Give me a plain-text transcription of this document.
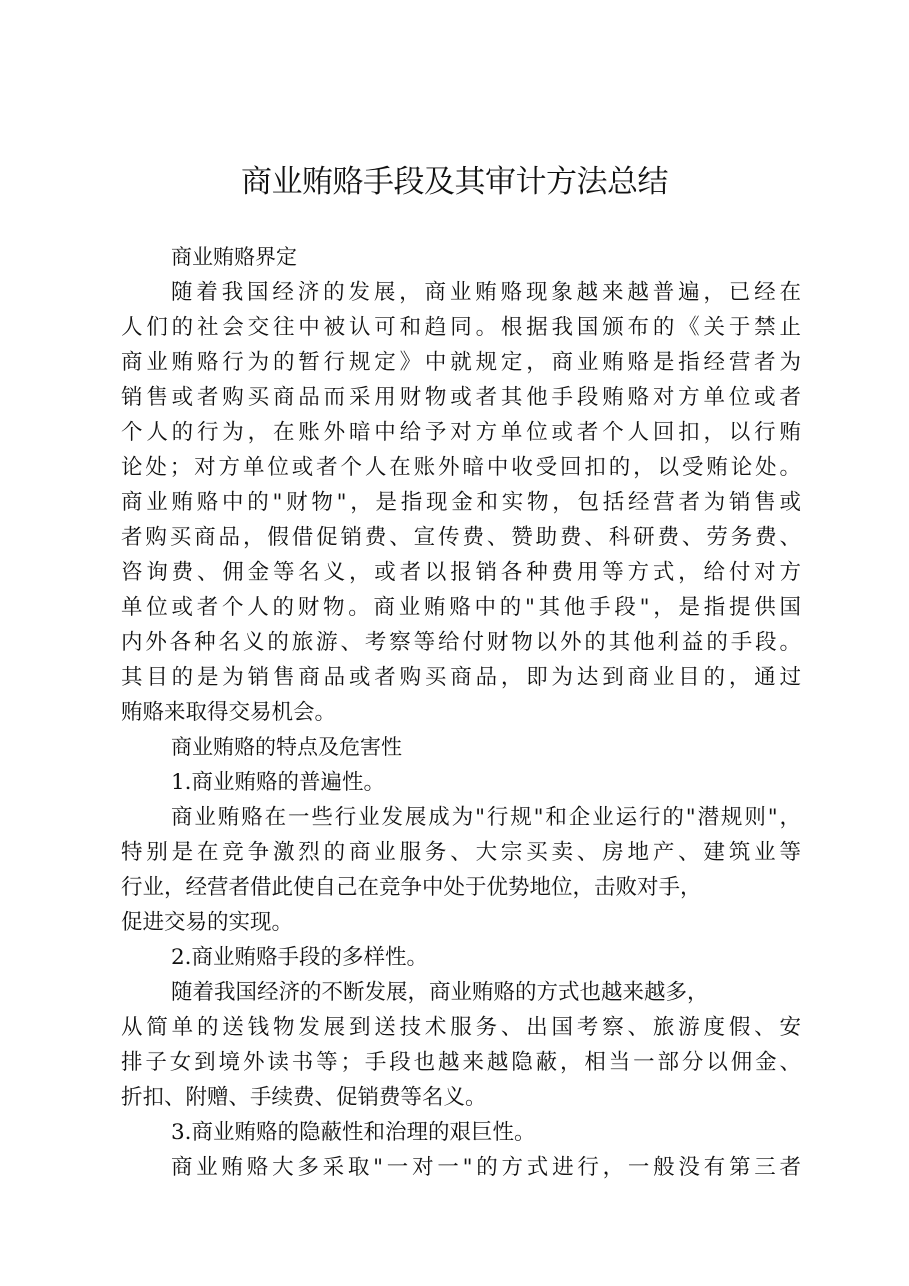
商业贿赂手段及其审计方法总结
商业贿赂界定
随着我国经济的发展，商业贿赂现象越来越普遍，已经在
人们的社会交往中被认可和趋同。根据我国颁布的《关于禁止
商业贿赂行为的暂行规定》中就规定，商业贿赂是指经营者为
销售或者购买商品而采用财物或者其他手段贿赂对方单位或者
个人的行为，在账外暗中给予对方单位或者个人回扣，以行贿
论处；对方单位或者个人在账外暗中收受回扣的，以受贿论处。
商业贿赂中的"财物"，是指现金和实物，包括经营者为销售或
者购买商品，假借促销费、宣传费、赞助费、科研费、劳务费、
咨询费、佣金等名义，或者以报销各种费用等方式，给付对方
单位或者个人的财物。商业贿赂中的"其他手段"，是指提供国
内外各种名义的旅游、考察等给付财物以外的其他利益的手段。
其目的是为销售商品或者购买商品，即为达到商业目的，通过
贿赂来取得交易机会。
商业贿赂的特点及危害性
1.商业贿赂的普遍性。
商业贿赂在一些行业发展成为"行规"和企业运行的"潜规则"，
特别是在竞争激烈的商业服务、大宗买卖、房地产、建筑业等
行业，经营者借此使自己在竞争中处于优势地位，击败对手，
促进交易的实现。
2.商业贿赂手段的多样性。
随着我国经济的不断发展，商业贿赂的方式也越来越多，
从简单的送钱物发展到送技术服务、出国考察、旅游度假、安
排子女到境外读书等；手段也越来越隐蔽，相当一部分以佣金、
折扣、附赠、手续费、促销费等名义。
3.商业贿赂的隐蔽性和治理的艰巨性。
商业贿赂大多采取"一对一"的方式进行，一般没有第三者
